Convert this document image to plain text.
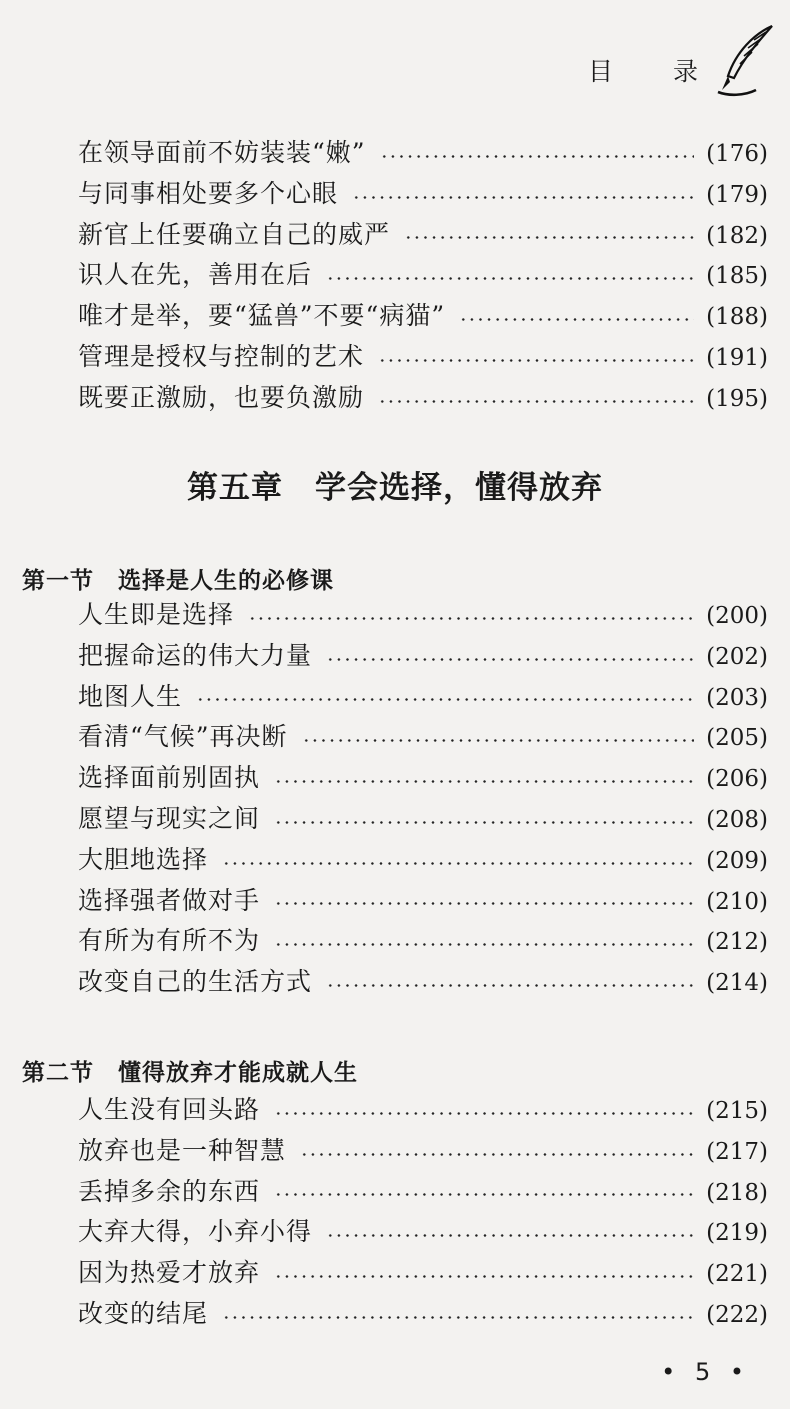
目 录
在领导面前不妨装装“嫩”	(176)
与同事相处要多个心眼	(179)
新官上任要确立自己的威严	(182)
识人在先，善用在后	(185)
唯才是举，要“猛兽”不要“病猫”	(188)
管理是授权与控制的艺术	(191)
既要正激励，也要负激励	(195)
第五章　学会选择，懂得放弃
第一节　选择是人生的必修课
人生即是选择	(200)
把握命运的伟大力量	(202)
地图人生	(203)
看清“气候”再决断	(205)
选择面前别固执	(206)
愿望与现实之间	(208)
大胆地选择	(209)
选择强者做对手	(210)
有所为有所不为	(212)
改变自己的生活方式	(214)
第二节　懂得放弃才能成就人生
人生没有回头路	(215)
放弃也是一种智慧	(217)
丢掉多余的东西	(218)
大弃大得，小弃小得	(219)
因为热爱才放弃	(221)
改变的结尾	(222)
• 5 •
